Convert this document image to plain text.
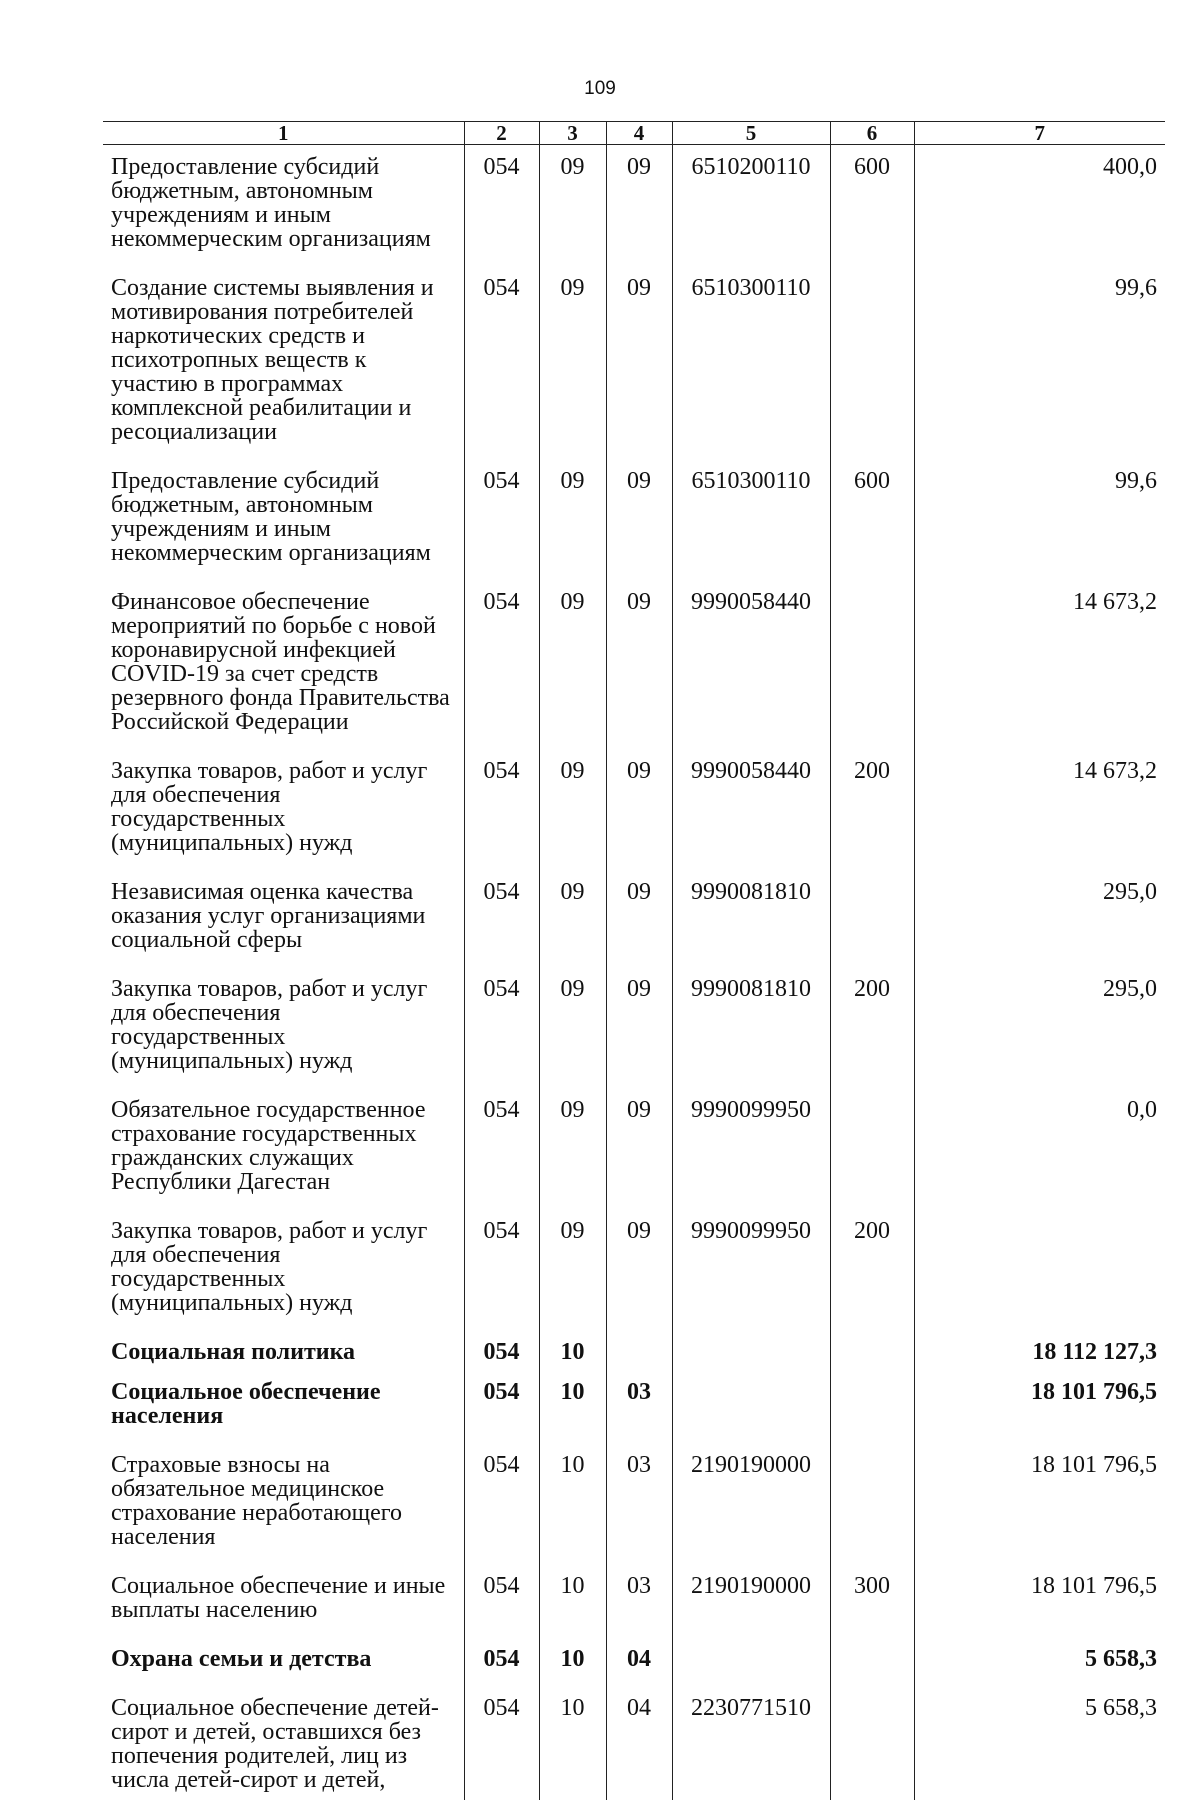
109
1	2	3	4	5	6	7
Предоставление субсидий бюджетным, автономным учреждениям и иным некоммерческим организациям	054	09	09	6510200110	600	400,0
Создание системы выявления и мотивирования потребителей наркотических средств и психотропных веществ к участию в программах комплексной реабилитации и ресоциализации	054	09	09	6510300110		99,6
Предоставление субсидий бюджетным, автономным учреждениям и иным некоммерческим организациям	054	09	09	6510300110	600	99,6
Финансовое обеспечение мероприятий по борьбе с новой коронавирусной инфекцией COVID-19 за счет средств резервного фонда Правительства Российской Федерации	054	09	09	9990058440		14 673,2
Закупка товаров, работ и услуг для обеспечения государственных (муниципальных) нужд	054	09	09	9990058440	200	14 673,2
Независимая оценка качества оказания услуг организациями социальной сферы	054	09	09	9990081810		295,0
Закупка товаров, работ и услуг для обеспечения государственных (муниципальных) нужд	054	09	09	9990081810	200	295,0
Обязательное государственное страхование государственных гражданских служащих Республики Дагестан	054	09	09	9990099950		0,0
Закупка товаров, работ и услуг для обеспечения государственных (муниципальных) нужд	054	09	09	9990099950	200	
Социальная политика	054	10				18 112 127,3
Социальное обеспечение населения	054	10	03			18 101 796,5
Страховые взносы на обязательное медицинское страхование неработающего населения	054	10	03	2190190000		18 101 796,5
Социальное обеспечение и иные выплаты населению	054	10	03	2190190000	300	18 101 796,5
Охрана семьи и детства	054	10	04			5 658,3
Социальное обеспечение детей-сирот и детей, оставшихся без попечения родителей, лиц из числа детей-сирот и детей,	054	10	04	2230771510		5 658,3
